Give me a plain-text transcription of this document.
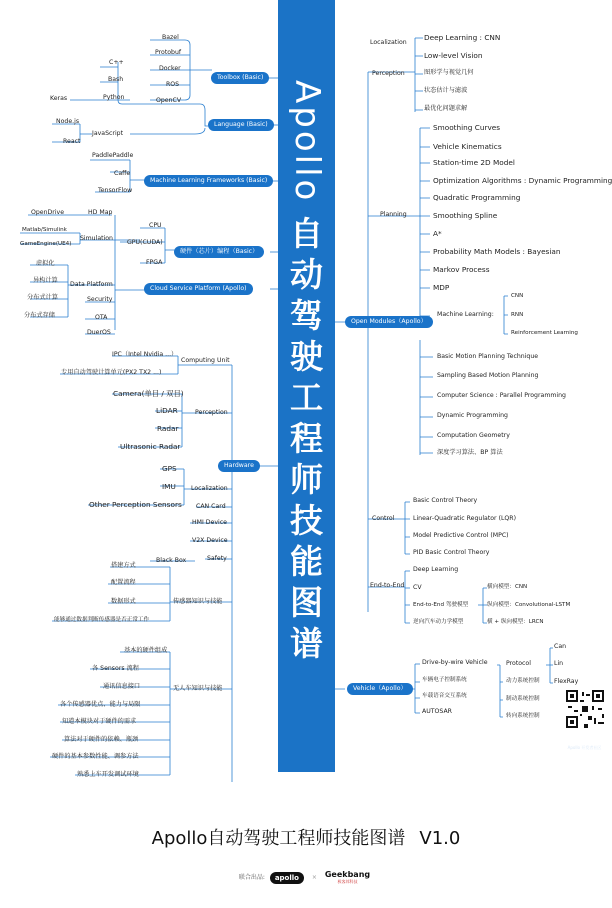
Apollo
自
动
驾
驶
工
程
师
技
能
图
谱
Apollo 开发者社区
Bazel
Protobuf
Docker
ROS
OpenCV
Toolbox (Basic)
C++
Bash
Python
Keras
Node.js
JavaScript
React
Language (Basic)
PaddlePaddle
Caffe
TensorFlow
Machine Learning Frameworks (Basic)
CPU
GPU(CUDA)
FPGA
硬件（芯片）编程（Basic）
OpenDrive	HD Map
Matlab/Simulink
Simulation
GameEngine(UE4)
虚拟化
异构计算
Data Platform
分布式计算	Security
分布式存储	OTA
DuerOS
Cloud Service Platform (Apollo)
Hardware
Computing Unit
IPC（Intel Nvidia ...）
专用自动驾驶计算单元(PX2 TX2 ...)
Perception
Camera(单目 / 双目)
LiDAR
Radar
Ultrasonic Radar
Localization
GPS
IMU
Other Perception Sensors CAN Card
HMI Device
V2X Device
Safety
Black Box
传感器知识与技能
搭建方式
配置流程
数据形式
能够通过数据判断传感器是否正常工作
无人车知识与技能
基本的硬件组成
各 Sensors 流程
通讯信息接口
各个传感器优点、能力与局限
知道本模块对于硬件的需求
算法对于硬件的依赖、瓶颈
硬件的基本参数性能、调参方法
熟悉上车开发调试环境
Open Modules（Apollo）
Localization
Deep Learning : CNN
Perception
Low-level Vision
图形学与视觉几何
状态估计与滤波
最优化问题求解
Planning
Smoothing Curves
Vehicle Kinematics
Station-time 2D Model
Optimization Algorithms : Dynamic Programming
Quadratic Programming
Smoothing Spline
A*
Probability Math Models : Bayesian
Markov Process
MDP
Machine Learning:
CNN
RNN
Reinforcement Learning
Basic Motion Planning Technique
Sampling Based Motion Planning
Computer Science : Parallel Programming
Dynamic Programming
Computation Geometry
深度学习算法、BP 算法
Control
Basic Control Theory
Linear-Quadratic Regulator (LQR)
Model Predictive Control (MPC)
PID Basic Control Theory
End-to-End
Deep Learning
CV
End-to-End 驾驶模型
横向模型：CNN
纵向模型：Convolutional-LSTM
逆向汽车动力学模型	横 + 纵向模型：LRCN
Vehicle（Apollo）
Drive-by-wire Vehicle
车辆电子控制系统
车载语音交互系统
AUTOSAR
Protocol
Can
Lin
FlexRay
动力系统控制
制动系统控制
转向系统控制
Apollo自动驾驶工程师技能图谱 V1.0
联合出品: apollo × Geekbang
极客邦科技
